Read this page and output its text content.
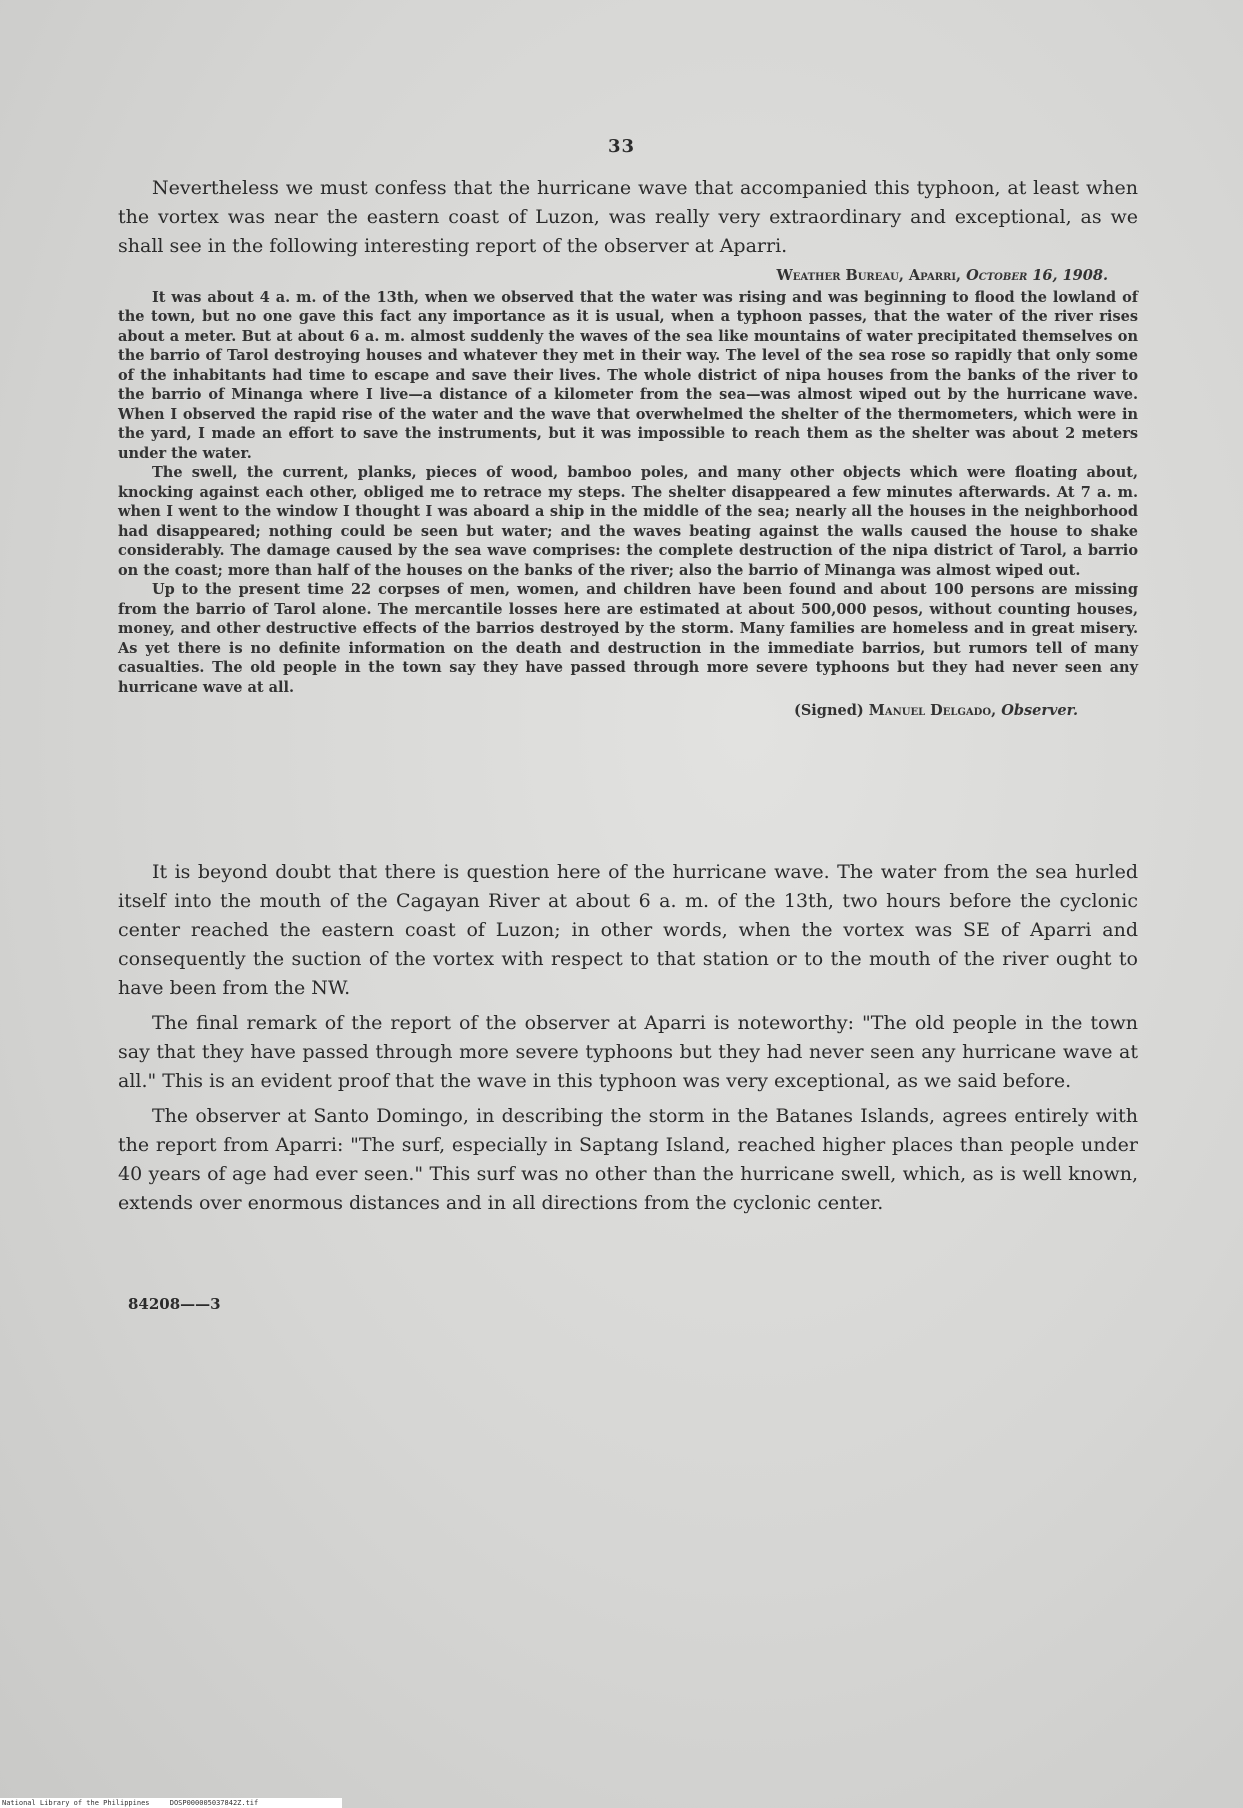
33

Nevertheless we must confess that the hurricane wave that accompanied this typhoon, at least when the vortex was near the eastern coast of Luzon, was really very extraordinary and exceptional, as we shall see in the following interesting report of the observer at Aparri.

Weather Bureau, Aparri, October 16, 1908.

It was about 4 a. m. of the 13th, when we observed that the water was rising and was beginning to flood the lowland of the town, but no one gave this fact any importance as it is usual, when a typhoon passes, that the water of the river rises about a meter. But at about 6 a. m. almost suddenly the waves of the sea like mountains of water precipitated themselves on the barrio of Tarol destroying houses and whatever they met in their way. The level of the sea rose so rapidly that only some of the inhabitants had time to escape and save their lives. The whole district of nipa houses from the banks of the river to the barrio of Minanga where I live—a distance of a kilometer from the sea—was almost wiped out by the hurricane wave. When I observed the rapid rise of the water and the wave that overwhelmed the shelter of the thermometers, which were in the yard, I made an effort to save the instruments, but it was impossible to reach them as the shelter was about 2 meters under the water.

The swell, the current, planks, pieces of wood, bamboo poles, and many other objects which were floating about, knocking against each other, obliged me to retrace my steps. The shelter disappeared a few minutes afterwards. At 7 a. m. when I went to the window I thought I was aboard a ship in the middle of the sea; nearly all the houses in the neighborhood had disappeared; nothing could be seen but water; and the waves beating against the walls caused the house to shake considerably. The damage caused by the sea wave comprises: the complete destruction of the nipa district of Tarol, a barrio on the coast; more than half of the houses on the banks of the river; also the barrio of Minanga was almost wiped out.

Up to the present time 22 corpses of men, women, and children have been found and about 100 persons are missing from the barrio of Tarol alone. The mercantile losses here are estimated at about 500,000 pesos, without counting houses, money, and other destructive effects of the barrios destroyed by the storm. Many families are homeless and in great misery. As yet there is no definite information on the death and destruction in the immediate barrios, but rumors tell of many casualties. The old people in the town say they have passed through more severe typhoons but they had never seen any hurricane wave at all.

(Signed) Manuel Delgado, Observer.

It is beyond doubt that there is question here of the hurricane wave. The water from the sea hurled itself into the mouth of the Cagayan River at about 6 a. m. of the 13th, two hours before the cyclonic center reached the eastern coast of Luzon; in other words, when the vortex was SE of Aparri and consequently the suction of the vortex with respect to that station or to the mouth of the river ought to have been from the NW.

The final remark of the report of the observer at Aparri is noteworthy: "The old people in the town say that they have passed through more severe typhoons but they had never seen any hurricane wave at all." This is an evident proof that the wave in this typhoon was very exceptional, as we said before.

The observer at Santo Domingo, in describing the storm in the Batanes Islands, agrees entirely with the report from Aparri: "The surf, especially in Saptang Island, reached higher places than people under 40 years of age had ever seen." This surf was no other than the hurricane swell, which, as is well known, extends over enormous distances and in all directions from the cyclonic center.

84208——3
National Library of the Philippines	DOSP000005037842Z.tif
